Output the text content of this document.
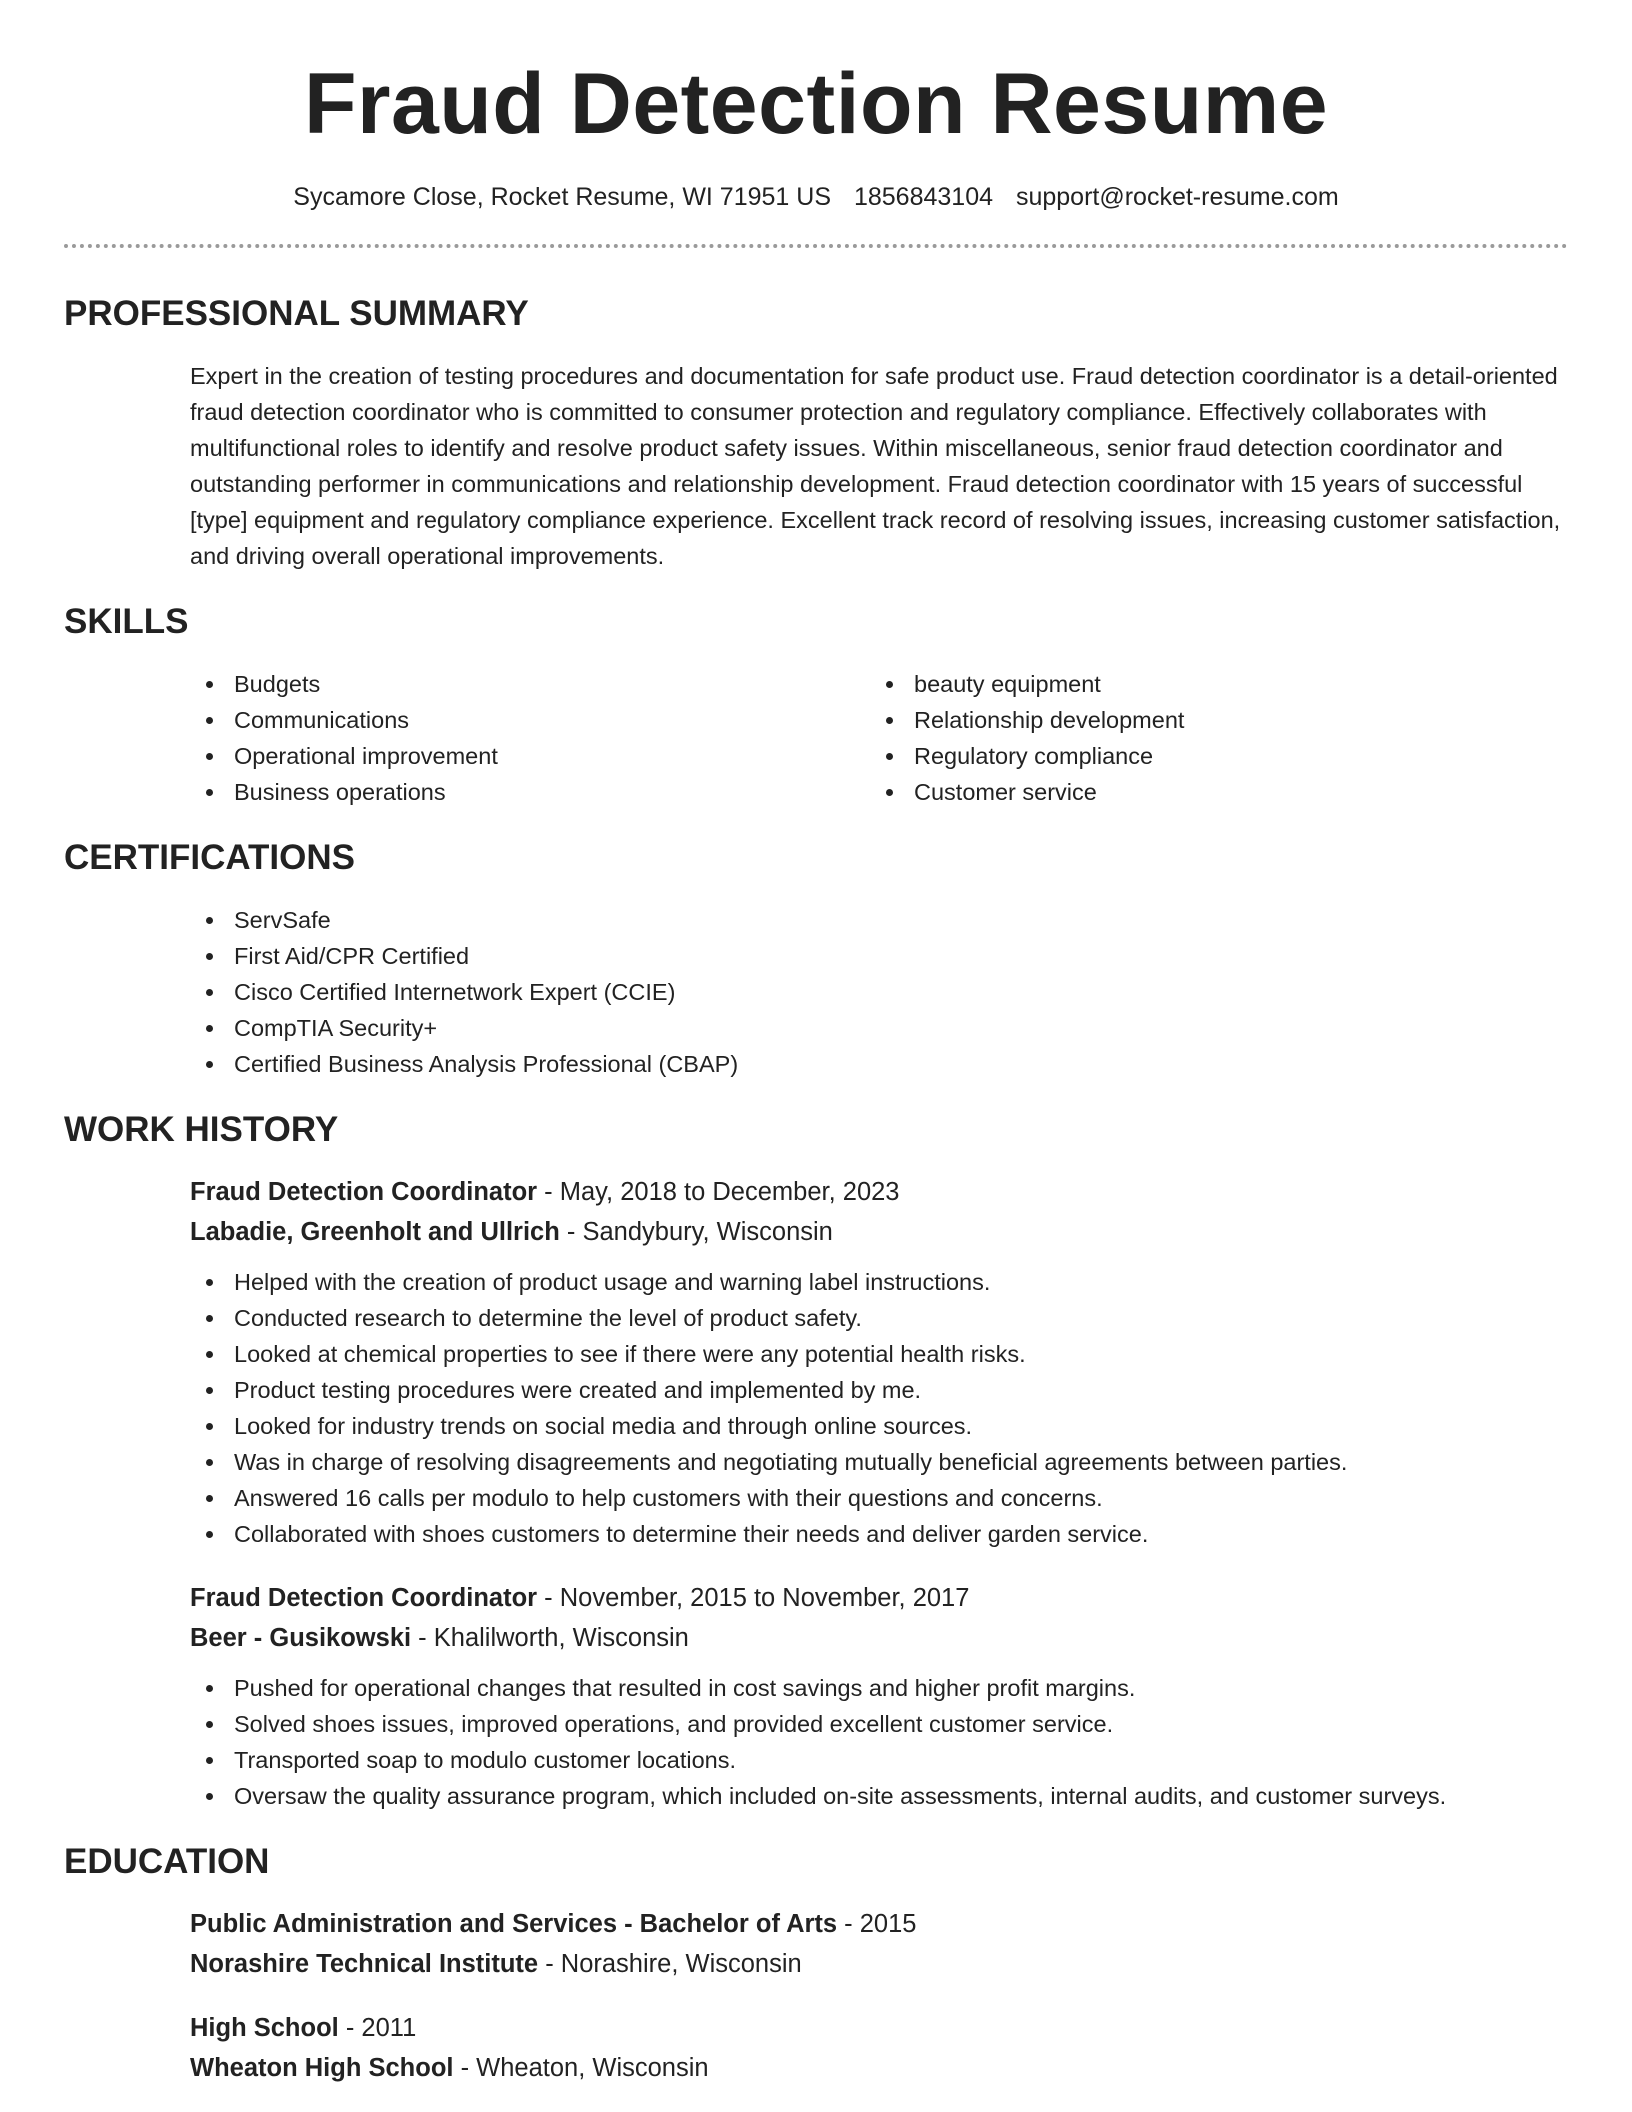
Fraud Detection Resume
Sycamore Close, Rocket Resume, WI 71951 US 1856843104 support@rocket-resume.com
PROFESSIONAL SUMMARY
Expert in the creation of testing procedures and documentation for safe product use. Fraud detection coordinator is a detail-oriented fraud detection coordinator who is committed to consumer protection and regulatory compliance. Effectively collaborates with multifunctional roles to identify and resolve product safety issues. Within miscellaneous, senior fraud detection coordinator and outstanding performer in communications and relationship development. Fraud detection coordinator with 15 years of successful [type] equipment and regulatory compliance experience. Excellent track record of resolving issues, increasing customer satisfaction, and driving overall operational improvements.
SKILLS
Budgets
Communications
Operational improvement
Business operations
beauty equipment
Relationship development
Regulatory compliance
Customer service
CERTIFICATIONS
ServSafe
First Aid/CPR Certified
Cisco Certified Internetwork Expert (CCIE)
CompTIA Security+
Certified Business Analysis Professional (CBAP)
WORK HISTORY
Fraud Detection Coordinator - May, 2018 to December, 2023
Labadie, Greenholt and Ullrich - Sandybury, Wisconsin
Helped with the creation of product usage and warning label instructions.
Conducted research to determine the level of product safety.
Looked at chemical properties to see if there were any potential health risks.
Product testing procedures were created and implemented by me.
Looked for industry trends on social media and through online sources.
Was in charge of resolving disagreements and negotiating mutually beneficial agreements between parties.
Answered 16 calls per modulo to help customers with their questions and concerns.
Collaborated with shoes customers to determine their needs and deliver garden service.
Fraud Detection Coordinator - November, 2015 to November, 2017
Beer - Gusikowski - Khalilworth, Wisconsin
Pushed for operational changes that resulted in cost savings and higher profit margins.
Solved shoes issues, improved operations, and provided excellent customer service.
Transported soap to modulo customer locations.
Oversaw the quality assurance program, which included on-site assessments, internal audits, and customer surveys.
EDUCATION
Public Administration and Services - Bachelor of Arts - 2015
Norashire Technical Institute - Norashire, Wisconsin
High School - 2011
Wheaton High School - Wheaton, Wisconsin
